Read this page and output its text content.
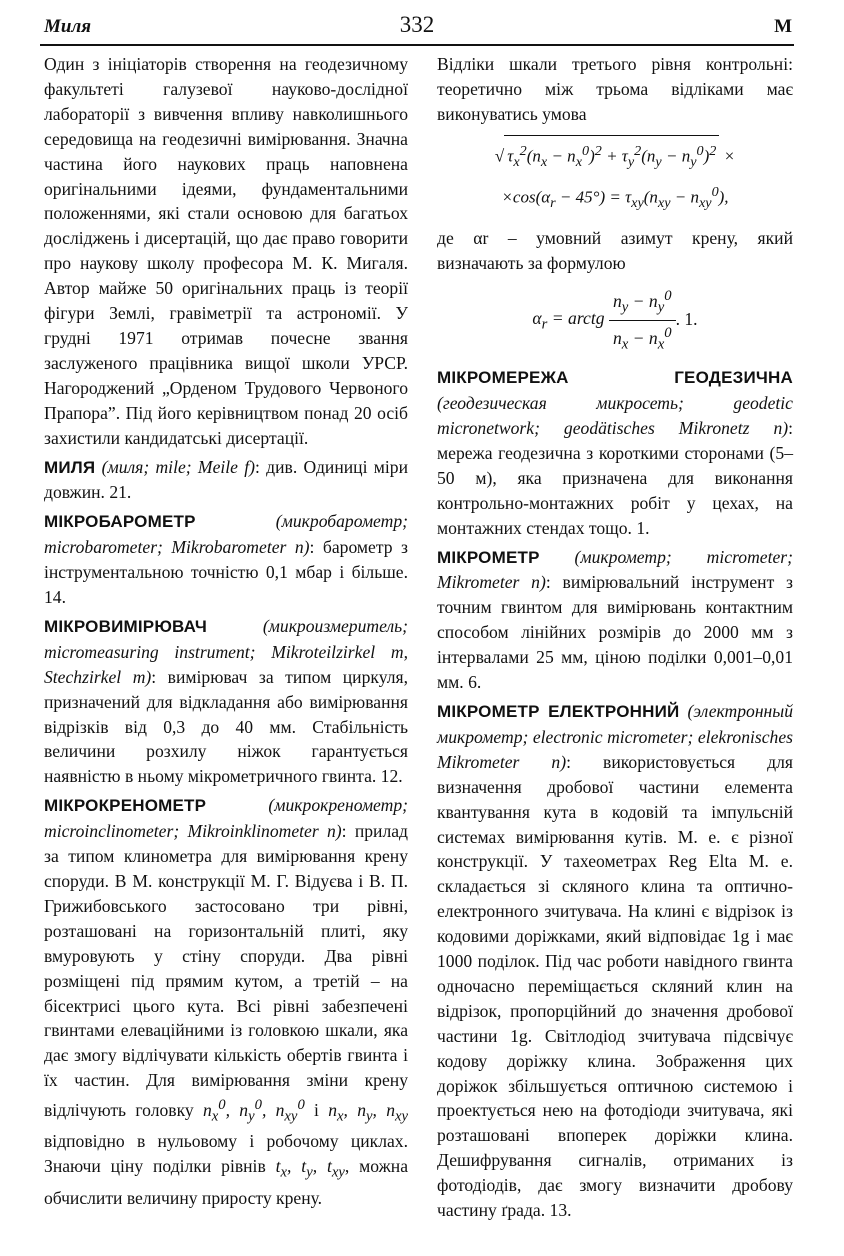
Миля	332	М

Один з ініціаторів створення на геодезичному факультеті галузевої науково-дослідної лабораторії з вивчення впливу навколишнього середовища на геодезичні вимірювання. Значна частина його наукових праць наповнена оригінальними ідеями, фундаментальними положеннями, які стали основою для багатьох досліджень і дисертацій, що дає право говорити про наукову школу професора М. К. Мигаля. Автор майже 50 оригінальних праць із теорії фігури Землі, гравіметрії та астрономії. У грудні 1971 отримав почесне звання заслуженого працівника вищої школи УРСР. Нагороджений „Орденом Трудового Червоного Прапора”. Під його керівництвом понад 20 осіб захистили кандидатські дисертації.

МИЛЯ (миля; mile; Meile f): див. Одиниці міри довжин. 21.

МІКРОБАРОМЕТР	(микробарометр; microbarometer; Mikrobarometer n): барометр з інструментальною точністю 0,1 мбар і більше. 14.

МІКРОВИМІРЮВАЧ	(микроизмеритель; micromeasuring instrument; Mikroteilzirkel m, Stechzirkel m): вимірювач за типом циркуля, призначений для відкладання або вимірювання відрізків від 0,3 до 40 мм. Стабільність величини розхилу ніжок гарантується наявністю в ньому мікрометричного гвинта. 12.

МІКРОКРЕНОМЕТР	(микрокренометр; microinclinometer; Mikroinklinometer n): прилад за типом клинометра для вимірювання крену споруди. В М. конструкції М. Г. Відуєва і В. П. Грижибовського застосовано три рівні, розташовані на горизонтальній плиті, яку вмуровують у стіну споруди. Два рівні розміщені під прямим кутом, а третій – на бісектрисі цього кута. Всі рівні забезпечені гвинтами елеваційними із головкою шкали, яка дає змогу відлічувати кількість обертів гвинта і їх частин. Для вимірювання зміни крену відлічують головку $n_x^0$, $n_y^0$, $n_{xy}^0$ і $n_x$, $n_y$, $n_{xy}$ відповідно в нульовому і робочому циклах. Знаючи ціну поділки рівнів $t_x$, $t_y$, $t_{xy}$, можна обчислити величину приросту крену.

Відліки шкали третього рівня контрольні: теоретично між трьома відліками має виконуватись умова

√ $\tau_x^2(n_x - n_x^0)^2 + \tau_y^2(n_y - n_y^0)^2$ ×
$\times\cos(\alpha_r - 45^\circ) = \tau_{xy}(n_{xy} - n_{xy}^0)$,

де αr – умовний азимут крену, який визначають за формулою

$\alpha_r$ = arctg $\frac{n_y - n_y^0}{n_x - n_x^0}$ . 1.

МІКРОМЕРЕЖА ГЕОДЕЗИЧНА (геодезическая микросеть; geodetic micronetwork; geodätisches Mikronetz n): мережа геодезична з короткими сторонами (5–50 м), яка призначена для виконання контрольно-монтажних робіт у цехах, на монтажних стендах тощо. 1.

МІКРОМЕТР (микрометр; micrometer; Mikrometer n): вимірювальний інструмент з точним гвинтом для вимірювань контактним способом лінійних розмірів до 2000 мм з інтервалами 25 мм, ціною поділки 0,001–0,01 мм. 6.

МІКРОМЕТР ЕЛЕКТРОННИЙ (электронный микрометр; electronic micrometer; elekronisches Mikrometer n): використовується для визначення дробової частини елемента квантування кута в кодовій та імпульсній системах вимірювання кутів. М. е. є різної конструкції. У тахеометрах Reg Elta М. е. складається зі скляного клина та оптично-електронного зчитувача. На клині є відрізок із кодовими доріжками, який відповідає 1g і має 1000 поділок. Під час роботи навідного гвинта одночасно переміщається скляний клин на відрізок, пропорційний до значення дробової частини 1g. Світлодіод зчитувача підсвічує кодову доріжку клина. Зображення цих доріжок збільшується оптичною системою і проектується нею на фотодіоди зчитувача, які розташовані впоперек доріжки клина. Дешифрування сигналів, отриманих із фотодіодів, дає змогу визначити дробову частину ґрада. 13.
